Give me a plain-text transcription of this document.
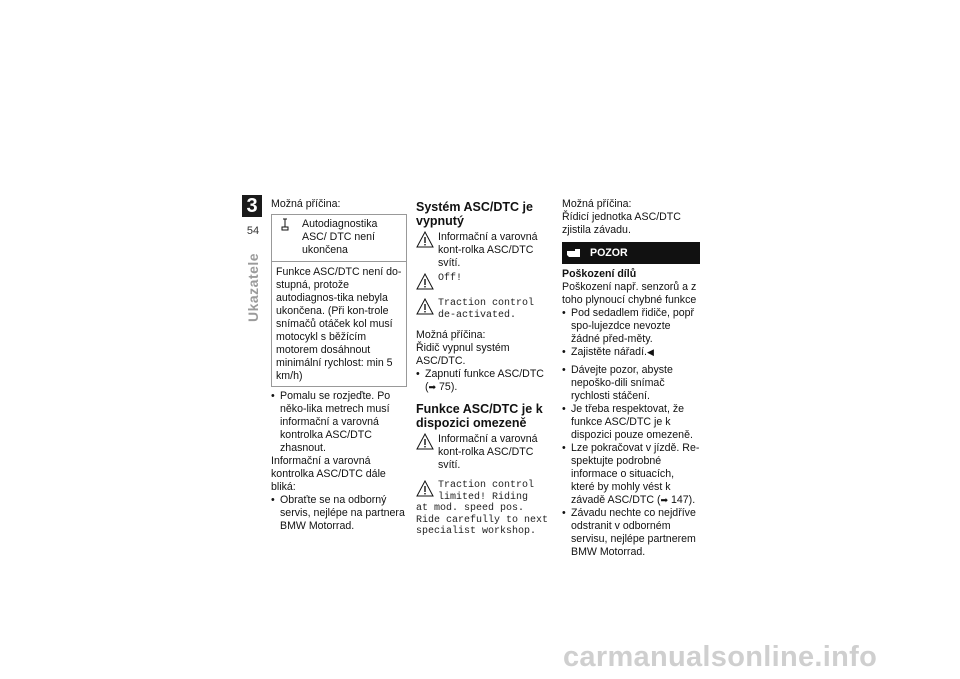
3
54
Ukazatele

Možná příčina:

Autodiagnostika ASC/ DTC není ukončena
Funkce ASC/DTC není do-stupná, protože autodiagnos-tika nebyla ukončena. (Při kon-trole snímačů otáček kol musí motocykl s běžícím motorem dosáhnout minimální rychlost: min 5 km/h)

• Pomalu se rozjeďte. Po něko-lika metrech musí informační a varovná kontrolka ASC/DTC zhasnout.

Informační a varovná kontrolka ASC/DTC dále bliká:

• Obraťte se na odborný servis, nejlépe na partnera BMW Motorrad.

Systém ASC/DTC je vypnutý
Informační a varovná kont-rolka ASC/DTC svítí.
Off!
Traction control de-activated.

Možná příčina:

Řidič vypnul systém ASC/DTC.

• Zapnutí funkce ASC/DTC

(➡ 75).

Funkce ASC/DTC je k dispozici omezeně
Informační a varovná kont-rolka ASC/DTC svítí.
Traction control limited! Riding
at mod. speed pos. Ride carefully to next specialist workshop.

Možná příčina:

Řídicí jednotka ASC/DTC zjistila závadu.

POZOR

Poškození dílů

Poškození např. senzorů a z toho plynoucí chybné funkce

• Pod sedadlem řidiče, popř spo-lujezdce nevozte žádné před-měty.

• Zajistěte nářadí.◀

• Dávejte pozor, abyste nepoško-dili snímač rychlosti stáčení.

• Je třeba respektovat, že funkce ASC/DTC je k dispozici pouze omezeně.

• Lze pokračovat v jízdě. Re-spektujte podrobné informace o situacích, které by mohly vést k závadě ASC/DTC (➡ 147).

• Závadu nechte co nejdříve odstranit v odborném servisu, nejlépe partnerem BMW Motorrad.

carmanualsonline.info
